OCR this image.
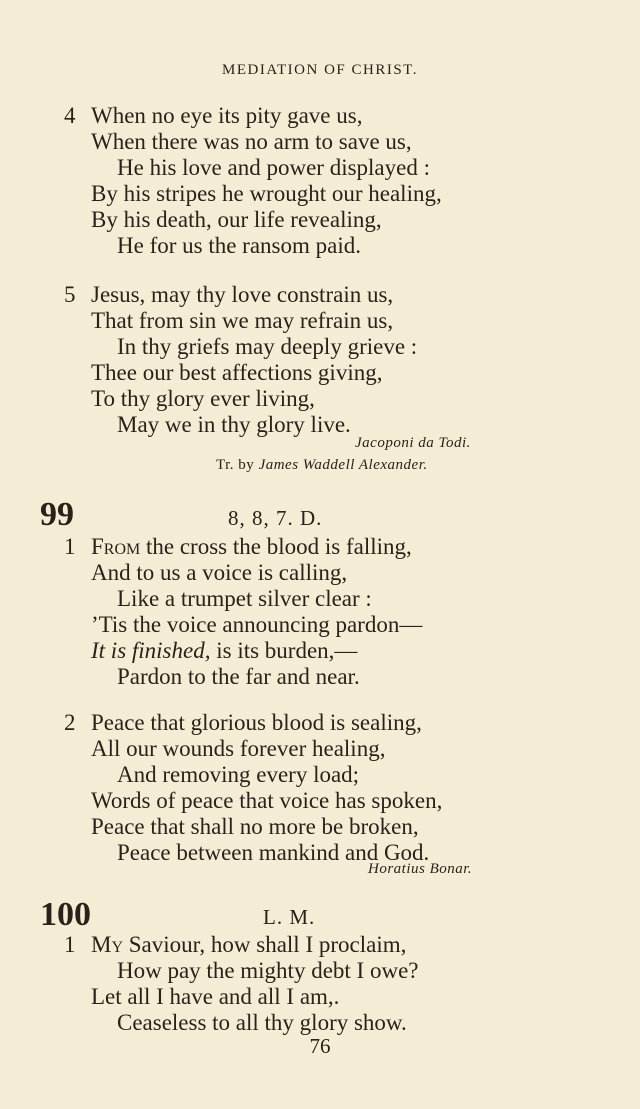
MEDIATION OF CHRIST.
4 When no eye its pity gave us,
When there was no arm to save us,
He his love and power displayed :
By his stripes he wrought our healing,
By his death, our life revealing,
He for us the ransom paid.
5 Jesus, may thy love constrain us,
That from sin we may refrain us,
In thy griefs may deeply grieve :
Thee our best affections giving,
To thy glory ever living,
May we in thy glory live.
Jacoponi da Todi.
Tr. by James Waddell Alexander.
99	8, 8, 7. D.
1 From the cross the blood is falling,
And to us a voice is calling,
Like a trumpet silver clear :
’Tis the voice announcing pardon—
It is finished, is its burden,—
Pardon to the far and near.
2 Peace that glorious blood is sealing,
All our wounds forever healing,
And removing every load;
Words of peace that voice has spoken,
Peace that shall no more be broken,
Peace between mankind and God.
Horatius Bonar.
100	L. M.
1 My Saviour, how shall I proclaim,
How pay the mighty debt I owe?
Let all I have and all I am,.
Ceaseless to all thy glory show.
76
